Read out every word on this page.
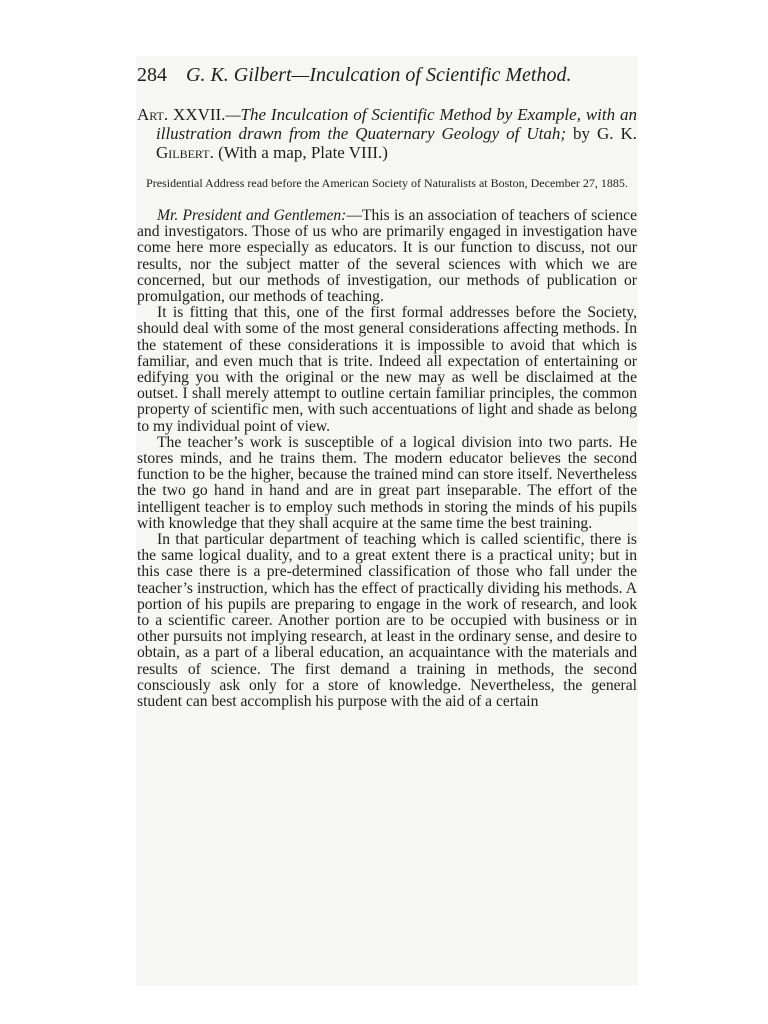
284 G. K. Gilbert—Inculcation of Scientific Method.
Art. XXVII.—The Inculcation of Scientific Method by Example, with an illustration drawn from the Quaternary Geology of Utah; by G. K. Gilbert. (With a map, Plate VIII.)
Presidential Address read before the American Society of Naturalists at Boston, December 27, 1885.

Mr. President and Gentlemen:—This is an association of teachers of science and investigators. Those of us who are primarily engaged in investigation have come here more especially as educators. It is our function to discuss, not our results, nor the subject matter of the several sciences with which we are concerned, but our methods of investigation, our methods of publication or promulgation, our methods of teaching.

It is fitting that this, one of the first formal addresses before the Society, should deal with some of the most general considerations affecting methods. In the statement of these considerations it is impossible to avoid that which is familiar, and even much that is trite. Indeed all expectation of entertaining or edifying you with the original or the new may as well be disclaimed at the outset. I shall merely attempt to outline certain familiar principles, the common property of scientific men, with such accentuations of light and shade as belong to my individual point of view.

The teacher’s work is susceptible of a logical division into two parts. He stores minds, and he trains them. The modern educator believes the second function to be the higher, because the trained mind can store itself. Nevertheless the two go hand in hand and are in great part inseparable. The effort of the intelligent teacher is to employ such methods in storing the minds of his pupils with knowledge that they shall acquire at the same time the best training.

In that particular department of teaching which is called scientific, there is the same logical duality, and to a great extent there is a practical unity; but in this case there is a pre-determined classification of those who fall under the teacher’s instruction, which has the effect of practically dividing his methods. A portion of his pupils are preparing to engage in the work of research, and look to a scientific career. Another portion are to be occupied with business or in other pursuits not implying research, at least in the ordinary sense, and desire to obtain, as a part of a liberal education, an acquaintance with the materials and results of science. The first demand a training in methods, the second consciously ask only for a store of knowledge. Nevertheless, the general student can best accomplish his purpose with the aid of a certain
